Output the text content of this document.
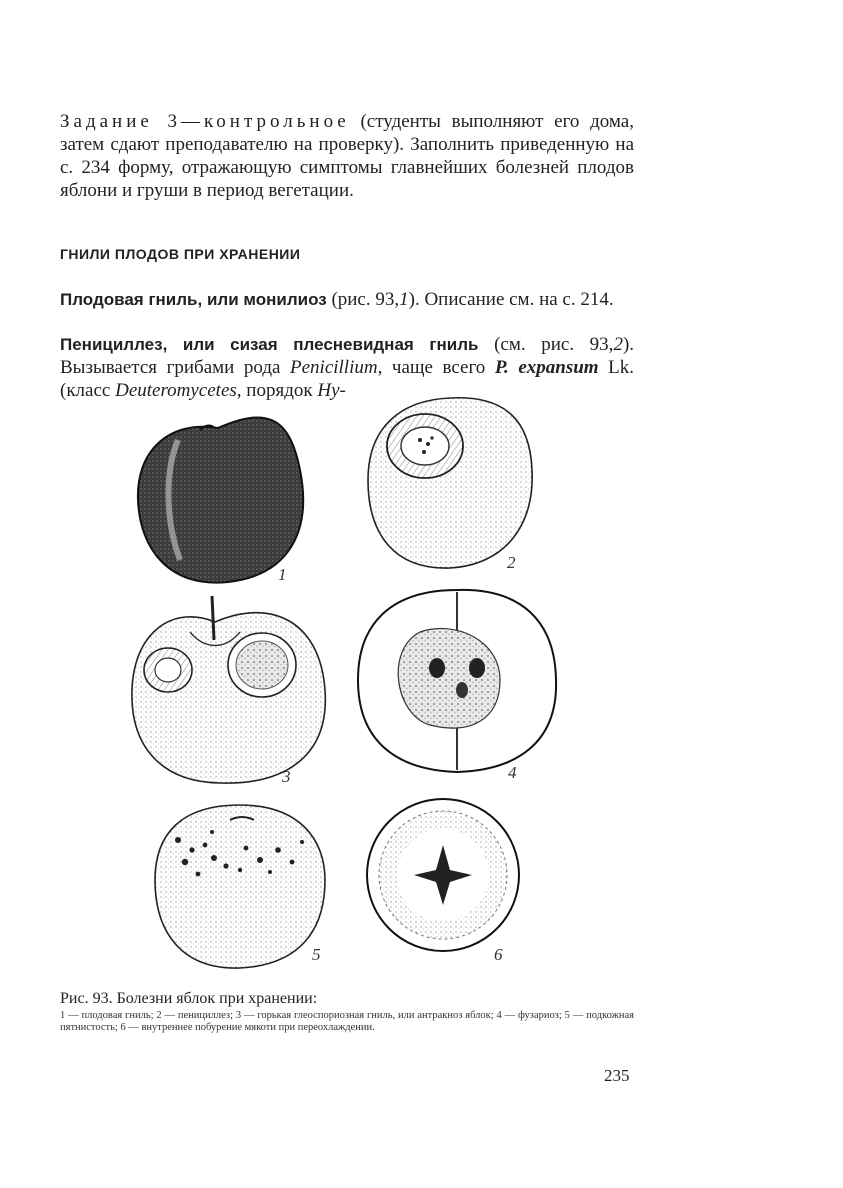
Задание 3—контрольное (студенты выполняют его дома, затем сдают преподавателю на проверку). Заполнить приведенную на с. 234 форму, отражающую симптомы главнейших болезней плодов яблони и груши в период вегетации.

ГНИЛИ ПЛОДОВ ПРИ ХРАНЕНИИ

Плодовая гниль, или монилиоз (рис. 93,1). Описание см. на с. 214.

Пенициллез, или сизая плесневидная гниль (см. рис. 93,2). Вызывается грибами рода Penicillium, чаще всего P. expansum Lk. (класс Deuteromycetes, порядок Hy-

1
2
3	4
5	6
Рис. 93. Болезни яблок при хранении:
1 — плодовая гниль; 2 — пенициллез; 3 — горькая глеоспориозная гниль, или антракноз яблок; 4 — фузариоз; 5 — подкожная пятнистость; 6 — внутреннее побурение мякоти при переохлаждении.
235
